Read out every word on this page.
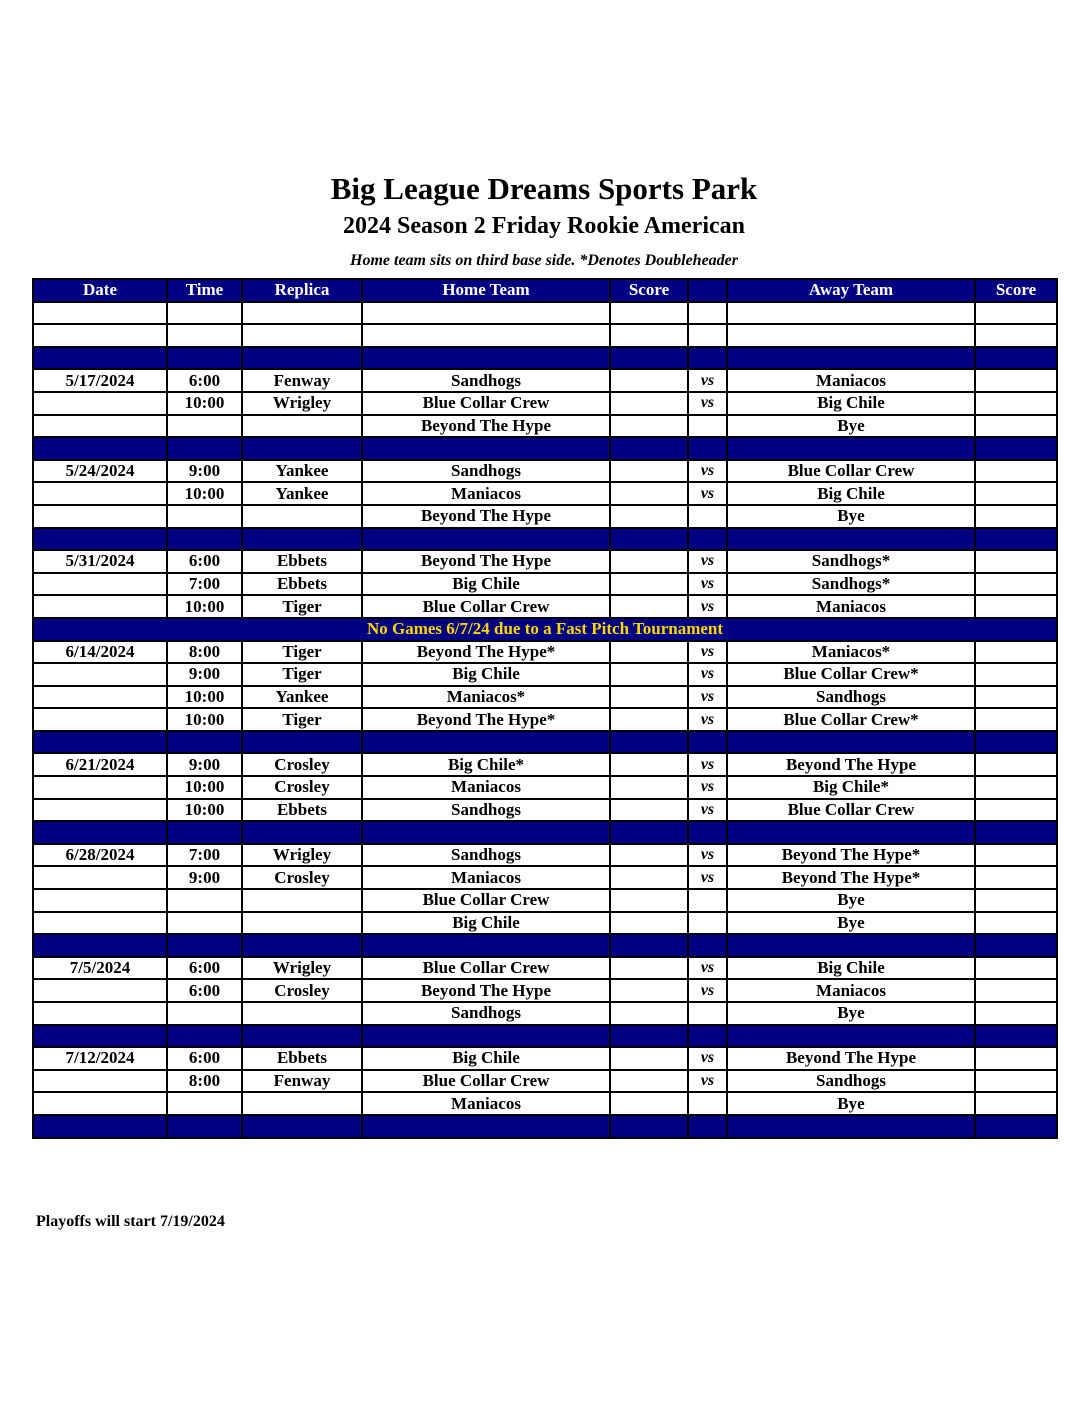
Big League Dreams Sports Park
2024 Season 2 Friday Rookie American
Home team sits on third base side. *Denotes Doubleheader
Date	Time	Replica	Home Team	Score		Away Team	Score

5/17/2024	6:00	Fenway	Sandhogs		vs	Maniacos	
	10:00	Wrigley	Blue Collar Crew		vs	Big Chile	
			Beyond The Hype			Bye	

5/24/2024	9:00	Yankee	Sandhogs		vs	Blue Collar Crew	
	10:00	Yankee	Maniacos		vs	Big Chile	
			Beyond The Hype			Bye	

5/31/2024	6:00	Ebbets	Beyond The Hype		vs	Sandhogs*	
	7:00	Ebbets	Big Chile		vs	Sandhogs*	
	10:00	Tiger	Blue Collar Crew		vs	Maniacos	
No Games 6/7/24 due to a Fast Pitch Tournament							
6/14/2024	8:00	Tiger	Beyond The Hype*		vs	Maniacos*	
	9:00	Tiger	Big Chile		vs	Blue Collar Crew*	
	10:00	Yankee	Maniacos*		vs	Sandhogs	
	10:00	Tiger	Beyond The Hype*		vs	Blue Collar Crew*	

6/21/2024	9:00	Crosley	Big Chile*		vs	Beyond The Hype	
	10:00	Crosley	Maniacos		vs	Big Chile*	
	10:00	Ebbets	Sandhogs		vs	Blue Collar Crew	

6/28/2024	7:00	Wrigley	Sandhogs		vs	Beyond The Hype*	
	9:00	Crosley	Maniacos		vs	Beyond The Hype*	
			Blue Collar Crew			Bye	
			Big Chile			Bye	

7/5/2024	6:00	Wrigley	Blue Collar Crew		vs	Big Chile	
	6:00	Crosley	Beyond The Hype		vs	Maniacos	
			Sandhogs			Bye	

7/12/2024	6:00	Ebbets	Big Chile		vs	Beyond The Hype	
	8:00	Fenway	Blue Collar Crew		vs	Sandhogs	
			Maniacos			Bye	

Playoffs will start 7/19/2024
